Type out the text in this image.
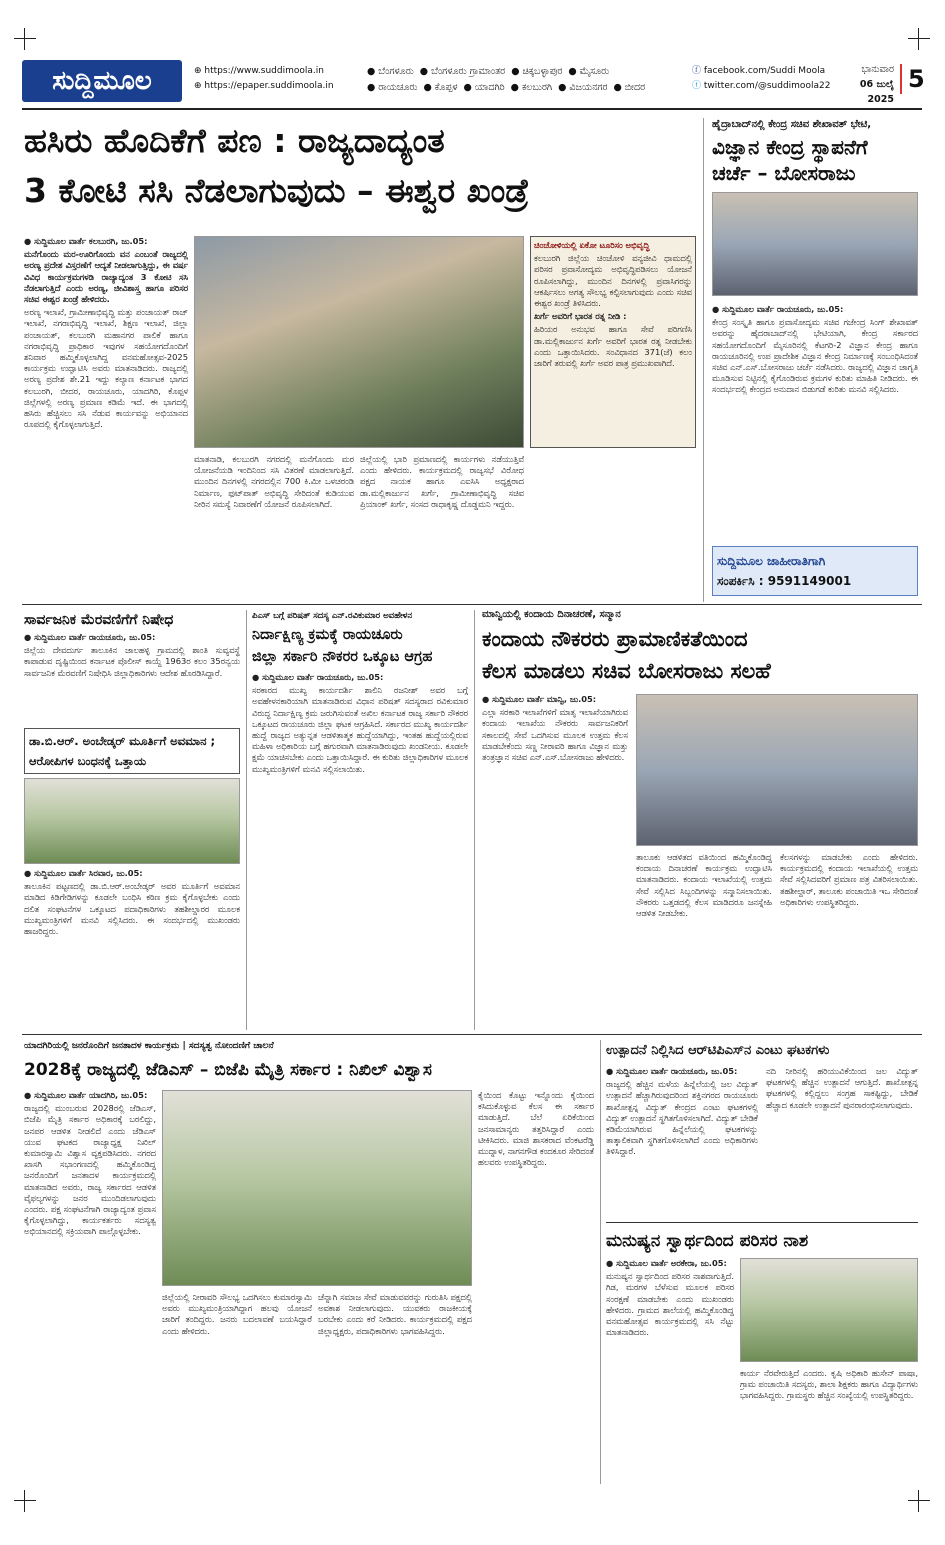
ಸುದ್ದಿಮೂಲ	⊕ https://www.suddimoola.in
⊕ https://epaper.suddimoola.in
● ಬೆಂಗಳೂರು ● ಬೆಂಗಳೂರು ಗ್ರಾಮಾಂತರ ● ಚಿಕ್ಕಬಳ್ಳಾಪುರ ● ಮೈಸೂರು
● ರಾಯಚೂರು ● ಕೊಪ್ಪಳ ● ಯಾದಗಿರಿ ● ಕಲಬುರಗಿ ● ವಿಜಯನಗರ ● ಬೀದರ
ⓕ facebook.com/Suddi Moola
ⓣ twitter.com/@suddimoola22
ಭಾನುವಾರ
06 ಜುಲೈ 2025
5
ಹಸಿರು ಹೊದಿಕೆಗೆ ಪಣ : ರಾಜ್ಯದಾದ್ಯಂತ
3 ಕೋಟಿ ಸಸಿ ನೆಡಲಾಗುವುದು – ಈಶ್ವರ ಖಂಡ್ರೆ

● ಸುದ್ದಿಮೂಲ ವಾರ್ತೆ ಕಲಬುರಗಿ, ಜು.05:

ಮನೆಗೊಂದು ಮರ-ಊರಿಗೊಂದು ವನ ಎಂಬಂತೆ ರಾಜ್ಯದಲ್ಲಿ ಅರಣ್ಯ ಪ್ರದೇಶ ವಿಸ್ತರಣೆಗೆ ಆದ್ಯತೆ ನೀಡಲಾಗುತ್ತಿದ್ದು, ಈ ವರ್ಷ ವಿವಿಧ ಕಾರ್ಯಕ್ರಮಗಳಡಿ ರಾಜ್ಯಾದ್ಯಂತ 3 ಕೋಟಿ ಸಸಿ ನೆಡಲಾಗುತ್ತಿದೆ ಎಂದು ಅರಣ್ಯ, ಜೀವಿಶಾಸ್ತ್ರ ಹಾಗೂ ಪರಿಸರ ಸಚಿವ ಈಶ್ವರ ಖಂಡ್ರೆ ಹೇಳಿದರು.

ಅರಣ್ಯ ಇಲಾಖೆ, ಗ್ರಾಮೀಣಾಭಿವೃದ್ಧಿ ಮತ್ತು ಪಂಚಾಯತ್ ರಾಜ್ ಇಲಾಖೆ, ನಗರಾಭಿವೃದ್ಧಿ ಇಲಾಖೆ, ಶಿಕ್ಷಣ ಇಲಾಖೆ, ಜಿಲ್ಲಾ ಪಂಚಾಯತ್, ಕಲಬುರಗಿ ಮಹಾನಗರ ಪಾಲಿಕೆ ಹಾಗೂ ನಗರಾಭಿವೃದ್ಧಿ ಪ್ರಾಧಿಕಾರ ಇವುಗಳ ಸಹಯೋಗದೊಂದಿಗೆ ಶನಿವಾರ ಹಮ್ಮಿಕೊಳ್ಳಲಾಗಿದ್ದ ವನಮಹೋತ್ಸವ-2025 ಕಾರ್ಯಕ್ರಮ ಉದ್ಘಾಟಿಸಿ ಅವರು ಮಾತನಾಡಿದರು. ರಾಜ್ಯದಲ್ಲಿ ಅರಣ್ಯ ಪ್ರದೇಶ ಶೇ.21 ಇದ್ದು ಕಲ್ಯಾಣ ಕರ್ನಾಟಕ ಭಾಗದ ಕಲಬುರಗಿ, ಬೀದರ, ರಾಯಚೂರು, ಯಾದಗಿರಿ, ಕೊಪ್ಪಳ ಜಿಲ್ಲೆಗಳಲ್ಲಿ ಅರಣ್ಯ ಪ್ರಮಾಣ ಕಡಿಮೆ ಇದೆ. ಈ ಭಾಗದಲ್ಲಿ ಹಸಿರು ಹೆಚ್ಚಿಸಲು ಸಸಿ ನೆಡುವ ಕಾರ್ಯವನ್ನು ಅಭಿಯಾನದ ರೂಪದಲ್ಲಿ ಕೈಗೊಳ್ಳಲಾಗುತ್ತಿದೆ.

ಚಿಂಚೋಳಿಯಲ್ಲಿ ಏಕೋ ಟೂರಿಸಂ ಅಭಿವೃದ್ಧಿ

ಕಲಬುರಗಿ ಜಿಲ್ಲೆಯ ಚಿಂಚೋಳಿ ವನ್ಯಜೀವಿ ಧಾಮದಲ್ಲಿ ಪರಿಸರ ಪ್ರವಾಸೋದ್ಯಮ ಅಭಿವೃದ್ಧಿಪಡಿಸಲು ಯೋಜನೆ ರೂಪಿಸಲಾಗಿದ್ದು, ಮುಂದಿನ ದಿನಗಳಲ್ಲಿ ಪ್ರವಾಸಿಗರನ್ನು ಆಕರ್ಷಿಸಲು ಅಗತ್ಯ ಸೌಲಭ್ಯ ಕಲ್ಪಿಸಲಾಗುವುದು ಎಂದು ಸಚಿವ ಈಶ್ವರ ಖಂಡ್ರೆ ತಿಳಿಸಿದರು.

ಖರ್ಗೆ ಅವರಿಗೆ ಭಾರತ ರತ್ನ ನೀಡಿ :

ಹಿರಿಯರ ಅನುಭವ ಹಾಗೂ ಸೇವೆ ಪರಿಗಣಿಸಿ ಡಾ.ಮಲ್ಲಿಕಾರ್ಜುನ ಖರ್ಗೆ ಅವರಿಗೆ ಭಾರತ ರತ್ನ ನೀಡಬೇಕು ಎಂದು ಒತ್ತಾಯಿಸಿದರು. ಸಂವಿಧಾನದ 371(ಜೆ) ಕಲಂ ಜಾರಿಗೆ ತರುವಲ್ಲಿ ಖರ್ಗೆ ಅವರ ಪಾತ್ರ ಪ್ರಮುಖವಾಗಿದೆ.

ಮಾತನಾಡಿ, ಕಲಬುರಗಿ ನಗರದಲ್ಲಿ ಮನೆಗೊಂದು ಮರ ಯೋಜನೆಯಡಿ ಇಂದಿನಿಂದ ಸಸಿ ವಿತರಣೆ ಮಾಡಲಾಗುತ್ತಿದೆ. ಮುಂದಿನ ದಿನಗಳಲ್ಲಿ ನಗರದಲ್ಲಿನ 700 ಕಿ.ಮೀ ಒಳಚರಂಡಿ ನಿರ್ಮಾಣ, ಫುಟ್‌ಪಾತ್ ಅಭಿವೃದ್ಧಿ ಸೇರಿದಂತೆ ಕುಡಿಯುವ ನೀರಿನ ಸಮಸ್ಯೆ ನಿವಾರಣೆಗೆ ಯೋಜನೆ ರೂಪಿಸಲಾಗಿದೆ.
ಜಿಲ್ಲೆಯಲ್ಲಿ ಭಾರಿ ಪ್ರಮಾಣದಲ್ಲಿ ಕಾರ್ಯಗಳು ನಡೆಯುತ್ತಿವೆ ಎಂದು ಹೇಳಿದರು. ಕಾರ್ಯಕ್ರಮದಲ್ಲಿ ರಾಜ್ಯಸಭೆ ವಿರೋಧ ಪಕ್ಷದ ನಾಯಕ ಹಾಗೂ ಎಐಸಿಸಿ ಅಧ್ಯಕ್ಷರಾದ ಡಾ.ಮಲ್ಲಿಕಾರ್ಜುನ ಖರ್ಗೆ, ಗ್ರಾಮೀಣಾಭಿವೃದ್ಧಿ ಸಚಿವ ಪ್ರಿಯಾಂಕ್ ಖರ್ಗೆ, ಸಂಸದ ರಾಧಾಕೃಷ್ಣ ದೊಡ್ಡಮನಿ ಇದ್ದರು.
ಹೈದ್ರಾಬಾದ್‌ನಲ್ಲಿ ಕೇಂದ್ರ ಸಚಿವ ಶೇಖಾವತ್ ಭೇಟಿ,
ವಿಜ್ಞಾನ ಕೇಂದ್ರ ಸ್ಥಾಪನೆಗೆ
ಚರ್ಚೆ – ಬೋಸರಾಜು

● ಸುದ್ದಿಮೂಲ ವಾರ್ತೆ ರಾಯಚೂರು, ಜು.05:

ಕೇಂದ್ರ ಸಂಸ್ಕೃತಿ ಹಾಗೂ ಪ್ರವಾಸೋದ್ಯಮ ಸಚಿವ ಗಜೇಂದ್ರ ಸಿಂಗ್ ಶೇಖಾವತ್ ಅವರನ್ನು ಹೈದರಾಬಾದ್‌ನಲ್ಲಿ ಭೇಟಿಯಾಗಿ, ಕೇಂದ್ರ ಸರ್ಕಾರದ ಸಹಯೋಗದೊಂದಿಗೆ ಮೈಸೂರಿನಲ್ಲಿ ಕೆಟಗರಿ-2 ವಿಜ್ಞಾನ ಕೇಂದ್ರ ಹಾಗೂ ರಾಯಚೂರಿನಲ್ಲಿ ಉಪ ಪ್ರಾದೇಶಿಕ ವಿಜ್ಞಾನ ಕೇಂದ್ರ ನಿರ್ಮಾಣಕ್ಕೆ ಸಂಬಂಧಿಸಿದಂತೆ ಸಚಿವ ಎನ್.ಎಸ್.ಬೋಸರಾಜು ಚರ್ಚೆ ನಡೆಸಿದರು. ರಾಜ್ಯದಲ್ಲಿ ವಿಜ್ಞಾನ ಜಾಗೃತಿ ಮೂಡಿಸುವ ನಿಟ್ಟಿನಲ್ಲಿ ಕೈಗೊಂಡಿರುವ ಕ್ರಮಗಳ ಕುರಿತು ಮಾಹಿತಿ ನೀಡಿದರು. ಈ ಸಂದರ್ಭದಲ್ಲಿ ಕೇಂದ್ರದ ಅನುದಾನ ಬಿಡುಗಡೆ ಕುರಿತು ಮನವಿ ಸಲ್ಲಿಸಿದರು.

ಸುದ್ದಿಮೂಲ ಜಾಹೀರಾತಿಗಾಗಿ
ಸಂಪರ್ಕಿಸಿ : 9591149001
ಸಾರ್ವಜನಿಕ ಮೆರವಣಿಗೆಗೆ ನಿಷೇಧ

● ಸುದ್ದಿಮೂಲ ವಾರ್ತೆ ರಾಯಚೂರು, ಜು.05:

ಜಿಲ್ಲೆಯ ದೇವದುರ್ಗ ತಾಲೂಕಿನ ಜಾಲಹಳ್ಳಿ ಗ್ರಾಮದಲ್ಲಿ ಶಾಂತಿ ಸುವ್ಯವಸ್ಥೆ ಕಾಪಾಡುವ ದೃಷ್ಟಿಯಿಂದ ಕರ್ನಾಟಕ ಪೊಲೀಸ್ ಕಾಯ್ದೆ 1963ರ ಕಲಂ 35ರನ್ವಯ ಸಾರ್ವಜನಿಕ ಮೆರವಣಿಗೆ ನಿಷೇಧಿಸಿ ಜಿಲ್ಲಾಧಿಕಾರಿಗಳು ಆದೇಶ ಹೊರಡಿಸಿದ್ದಾರೆ.

ಡಾ.ಬಿ.ಆರ್. ಅಂಬೇಡ್ಕರ್ ಮೂರ್ತಿಗೆ ಅವಮಾನ ;
ಆರೋಪಿಗಳ ಬಂಧನಕ್ಕೆ ಒತ್ತಾಯ

● ಸುದ್ದಿಮೂಲ ವಾರ್ತೆ ಸಿರವಾರ, ಜು.05:

ತಾಲೂಕಿನ ಪಟ್ಟಣದಲ್ಲಿ ಡಾ.ಬಿ.ಆರ್.ಅಂಬೇಡ್ಕರ್ ಅವರ ಮೂರ್ತಿಗೆ ಅವಮಾನ ಮಾಡಿದ ಕಿಡಿಗೇಡಿಗಳನ್ನು ಕೂಡಲೇ ಬಂಧಿಸಿ ಕಠಿಣ ಕ್ರಮ ಕೈಗೊಳ್ಳಬೇಕು ಎಂದು ದಲಿತ ಸಂಘಟನೆಗಳ ಒಕ್ಕೂಟದ ಪದಾಧಿಕಾರಿಗಳು ತಹಶೀಲ್ದಾರರ ಮೂಲಕ ಮುಖ್ಯಮಂತ್ರಿಗಳಿಗೆ ಮನವಿ ಸಲ್ಲಿಸಿದರು. ಈ ಸಂದರ್ಭದಲ್ಲಿ ಮುಖಂಡರು ಹಾಜರಿದ್ದರು.

ಪಿಎಸ್ ಬಗ್ಗೆ ಪರಿಷತ್ ಸದಸ್ಯ ಎನ್.ರವಿಕುಮಾರ ಅವಹೇಳನ
ನಿರ್ದಾಕ್ಷಿಣ್ಯ ಕ್ರಮಕ್ಕೆ ರಾಯಚೂರು
ಜಿಲ್ಲಾ ಸರ್ಕಾರಿ ನೌಕರರ ಒಕ್ಕೂಟ ಆಗ್ರಹ

● ಸುದ್ದಿಮೂಲ ವಾರ್ತೆ ರಾಯಚೂರು, ಜು.05:

ಸರಕಾರದ ಮುಖ್ಯ ಕಾರ್ಯದರ್ಶಿ ಶಾಲಿನಿ ರಜನೀಶ್ ಅವರ ಬಗ್ಗೆ ಅವಹೇಳನಕಾರಿಯಾಗಿ ಮಾತನಾಡಿರುವ ವಿಧಾನ ಪರಿಷತ್ ಸದಸ್ಯರಾದ ರವಿಕುಮಾರ ವಿರುದ್ಧ ನಿರ್ದಾಕ್ಷಿಣ್ಯ ಕ್ರಮ ಜರುಗಿಸುವಂತೆ ಅಖಿಲ ಕರ್ನಾಟಕ ರಾಜ್ಯ ಸರ್ಕಾರಿ ನೌಕರರ ಒಕ್ಕೂಟದ ರಾಯಚೂರು ಜಿಲ್ಲಾ ಘಟಕ ಆಗ್ರಹಿಸಿದೆ. ಸರ್ಕಾರದ ಮುಖ್ಯ ಕಾರ್ಯದರ್ಶಿ ಹುದ್ದೆ ರಾಜ್ಯದ ಅತ್ಯುನ್ನತ ಆಡಳಿತಾತ್ಮಕ ಹುದ್ದೆಯಾಗಿದ್ದು, ಇಂತಹ ಹುದ್ದೆಯಲ್ಲಿರುವ ಮಹಿಳಾ ಅಧಿಕಾರಿಯ ಬಗ್ಗೆ ಹಗುರವಾಗಿ ಮಾತನಾಡಿರುವುದು ಖಂಡನೀಯ. ಕೂಡಲೇ ಕ್ಷಮೆ ಯಾಚಿಸಬೇಕು ಎಂದು ಒತ್ತಾಯಿಸಿದ್ದಾರೆ. ಈ ಕುರಿತು ಜಿಲ್ಲಾಧಿಕಾರಿಗಳ ಮೂಲಕ ಮುಖ್ಯಮಂತ್ರಿಗಳಿಗೆ ಮನವಿ ಸಲ್ಲಿಸಲಾಯಿತು.

ಮಾನ್ವಿಯಲ್ಲಿ ಕಂದಾಯ ದಿನಾಚರಣೆ, ಸನ್ಮಾನ
ಕಂದಾಯ ನೌಕರರು ಪ್ರಾಮಾಣಿಕತೆಯಿಂದ
ಕೆಲಸ ಮಾಡಲು ಸಚಿವ ಬೋಸರಾಜು ಸಲಹೆ

● ಸುದ್ದಿಮೂಲ ವಾರ್ತೆ ಮಾನ್ವಿ, ಜು.05:

ಎಲ್ಲಾ ಸರಕಾರಿ ಇಲಾಖೆಗಳಿಗೆ ಮಾತೃ ಇಲಾಖೆಯಾಗಿರುವ ಕಂದಾಯ ಇಲಾಖೆಯ ನೌಕರರು ಸಾರ್ವಜನಿಕರಿಗೆ ಸಕಾಲದಲ್ಲಿ ಸೇವೆ ಒದಗಿಸುವ ಮೂಲಕ ಉತ್ತಮ ಕೆಲಸ ಮಾಡಬೇಕೆಂದು ಸಣ್ಣ ನೀರಾವರಿ ಹಾಗೂ ವಿಜ್ಞಾನ ಮತ್ತು ತಂತ್ರಜ್ಞಾನ ಸಚಿವ ಎನ್.ಎಸ್.ಬೋಸರಾಜು ಹೇಳಿದರು.

ತಾಲೂಕು ಆಡಳಿತದ ವತಿಯಿಂದ ಹಮ್ಮಿಕೊಂಡಿದ್ದ ಕಂದಾಯ ದಿನಾಚರಣೆ ಕಾರ್ಯಕ್ರಮ ಉದ್ಘಾಟಿಸಿ ಮಾತನಾಡಿದರು. ಕಂದಾಯ ಇಲಾಖೆಯಲ್ಲಿ ಉತ್ತಮ ಸೇವೆ ಸಲ್ಲಿಸಿದ ಸಿಬ್ಬಂದಿಗಳನ್ನು ಸನ್ಮಾನಿಸಲಾಯಿತು. ನೌಕರರು ಒತ್ತಡದಲ್ಲಿ ಕೆಲಸ ಮಾಡಿದರೂ ಜನಸ್ನೇಹಿ ಆಡಳಿತ ನೀಡಬೇಕು.
ಕೆಲಸಗಳನ್ನು ಮಾಡಬೇಕು ಎಂದು ಹೇಳಿದರು. ಕಾರ್ಯಕ್ರಮದಲ್ಲಿ ಕಂದಾಯ ಇಲಾಖೆಯಲ್ಲಿ ಉತ್ತಮ ಸೇವೆ ಸಲ್ಲಿಸಿದವರಿಗೆ ಪ್ರಮಾಣ ಪತ್ರ ವಿತರಿಸಲಾಯಿತು. ತಹಶೀಲ್ದಾರ್, ತಾಲೂಕು ಪಂಚಾಯಿತಿ ಇಒ ಸೇರಿದಂತೆ ಅಧಿಕಾರಿಗಳು ಉಪಸ್ಥಿತರಿದ್ದರು.
ಯಾದಗಿರಿಯಲ್ಲಿ ಜನರೊಂದಿಗೆ ಜನತಾದಳ ಕಾರ್ಯಕ್ರಮ | ಸದಸ್ಯತ್ವ ನೋಂದಣಿಗೆ ಚಾಲನೆ
2028ಕ್ಕೆ ರಾಜ್ಯದಲ್ಲಿ ಜೆಡಿಎಸ್ – ಬಿಜೆಪಿ ಮೈತ್ರಿ ಸರ್ಕಾರ : ನಿಖಿಲ್ ವಿಶ್ವಾಸ

● ಸುದ್ದಿಮೂಲ ವಾರ್ತೆ ಯಾದಗಿರಿ, ಜು.05:

ರಾಜ್ಯದಲ್ಲಿ ಮುಂಬರುವ 2028ರಲ್ಲಿ ಜೆಡಿಎಸ್, ಬಿಜೆಪಿ ಮೈತ್ರಿ ಸರ್ಕಾರ ಅಧಿಕಾರಕ್ಕೆ ಬರಲಿದ್ದು, ಜನಪರ ಆಡಳಿತ ನೀಡಲಿದೆ ಎಂದು ಜೆಡಿಎಸ್ ಯುವ ಘಟಕದ ರಾಜ್ಯಾಧ್ಯಕ್ಷ ನಿಖಿಲ್ ಕುಮಾರಸ್ವಾಮಿ ವಿಶ್ವಾಸ ವ್ಯಕ್ತಪಡಿಸಿದರು. ನಗರದ ಖಾಸಗಿ ಸಭಾಂಗಣದಲ್ಲಿ ಹಮ್ಮಿಕೊಂಡಿದ್ದ ಜನರೊಂದಿಗೆ ಜನತಾದಳ ಕಾರ್ಯಕ್ರಮದಲ್ಲಿ ಮಾತನಾಡಿದ ಅವರು, ರಾಜ್ಯ ಸರ್ಕಾರದ ಆಡಳಿತ ವೈಫಲ್ಯಗಳನ್ನು ಜನರ ಮುಂದಿಡಲಾಗುವುದು ಎಂದರು. ಪಕ್ಷ ಸಂಘಟನೆಗಾಗಿ ರಾಜ್ಯಾದ್ಯಂತ ಪ್ರವಾಸ ಕೈಗೊಳ್ಳಲಾಗಿದ್ದು, ಕಾರ್ಯಕರ್ತರು ಸದಸ್ಯತ್ವ ಅಭಿಯಾನದಲ್ಲಿ ಸಕ್ರಿಯವಾಗಿ ಪಾಲ್ಗೊಳ್ಳಬೇಕು.

ಕೈಯಿಂದ ಕೊಟ್ಟು ಇನ್ನೊಂದು ಕೈಯಿಂದ ಕಸಿದುಕೊಳ್ಳುವ ಕೆಲಸ ಈ ಸರ್ಕಾರ ಮಾಡುತ್ತಿದೆ. ಬೆಲೆ ಏರಿಕೆಯಿಂದ ಜನಸಾಮಾನ್ಯರು ತತ್ತರಿಸಿದ್ದಾರೆ ಎಂದು ಟೀಕಿಸಿದರು. ಮಾಜಿ ಶಾಸಕರಾದ ವೆಂಕಟರೆಡ್ಡಿ ಮುದ್ನಾಳ, ನಾಗನಗೌಡ ಕಂದಕೂರ ಸೇರಿದಂತೆ ಹಲವರು ಉಪಸ್ಥಿತರಿದ್ದರು.
ಜಿಲ್ಲೆಯಲ್ಲಿ ನೀರಾವರಿ ಸೌಲಭ್ಯ ಒದಗಿಸಲು ಕುಮಾರಸ್ವಾಮಿ ಅವರು ಮುಖ್ಯಮಂತ್ರಿಯಾಗಿದ್ದಾಗ ಹಲವು ಯೋಜನೆ ಜಾರಿಗೆ ತಂದಿದ್ದರು. ಜನರು ಬದಲಾವಣೆ ಬಯಸಿದ್ದಾರೆ ಎಂದು ಹೇಳಿದರು.
ಚೆನ್ನಾಗಿ ಸಮಾಜ ಸೇವೆ ಮಾಡುವವರನ್ನು ಗುರುತಿಸಿ ಪಕ್ಷದಲ್ಲಿ ಅವಕಾಶ ನೀಡಲಾಗುವುದು. ಯುವಕರು ರಾಜಕೀಯಕ್ಕೆ ಬರಬೇಕು ಎಂದು ಕರೆ ನೀಡಿದರು. ಕಾರ್ಯಕ್ರಮದಲ್ಲಿ ಪಕ್ಷದ ಜಿಲ್ಲಾಧ್ಯಕ್ಷರು, ಪದಾಧಿಕಾರಿಗಳು ಭಾಗವಹಿಸಿದ್ದರು.
ಉತ್ಪಾದನೆ ನಿಲ್ಲಿಸಿದ ಆರ್‌ಟಿಪಿಎಸ್‌ನ ಎಂಟು ಘಟಕಗಳು

● ಸುದ್ದಿಮೂಲ ವಾರ್ತೆ ರಾಯಚೂರು, ಜು.05:

ರಾಜ್ಯದಲ್ಲಿ ಹೆಚ್ಚಿನ ಮಳೆಯ ಹಿನ್ನೆಲೆಯಲ್ಲಿ ಜಲ ವಿದ್ಯುತ್ ಉತ್ಪಾದನೆ ಹೆಚ್ಚಾಗಿರುವುದರಿಂದ ಶಕ್ತಿನಗರದ ರಾಯಚೂರು ಶಾಖೋತ್ಪನ್ನ ವಿದ್ಯುತ್ ಕೇಂದ್ರದ ಎಂಟು ಘಟಕಗಳಲ್ಲಿ ವಿದ್ಯುತ್ ಉತ್ಪಾದನೆ ಸ್ಥಗಿತಗೊಳಿಸಲಾಗಿದೆ. ವಿದ್ಯುತ್ ಬೇಡಿಕೆ ಕಡಿಮೆಯಾಗಿರುವ ಹಿನ್ನೆಲೆಯಲ್ಲಿ ಘಟಕಗಳನ್ನು ತಾತ್ಕಾಲಿಕವಾಗಿ ಸ್ಥಗಿತಗೊಳಿಸಲಾಗಿದೆ ಎಂದು ಅಧಿಕಾರಿಗಳು ತಿಳಿಸಿದ್ದಾರೆ.

ನದಿ ನೀರಿನಲ್ಲಿ ಹರಿಯುವಿಕೆಯಿಂದ ಜಲ ವಿದ್ಯುತ್ ಘಟಕಗಳಲ್ಲಿ ಹೆಚ್ಚಿನ ಉತ್ಪಾದನೆ ಆಗುತ್ತಿದೆ. ಶಾಖೋತ್ಪನ್ನ ಘಟಕಗಳಲ್ಲಿ ಕಲ್ಲಿದ್ದಲು ಸಂಗ್ರಹ ಸಾಕಷ್ಟಿದ್ದು, ಬೇಡಿಕೆ ಹೆಚ್ಚಾದ ಕೂಡಲೇ ಉತ್ಪಾದನೆ ಪುನರಾರಂಭಿಸಲಾಗುವುದು.
ಮನುಷ್ಯನ ಸ್ವಾರ್ಥದಿಂದ ಪರಿಸರ ನಾಶ

● ಸುದ್ದಿಮೂಲ ವಾರ್ತೆ ಅರಕೇರಾ, ಜು.05:

ಮನುಷ್ಯನ ಸ್ವಾರ್ಥದಿಂದ ಪರಿಸರ ನಾಶವಾಗುತ್ತಿದೆ. ಗಿಡ, ಮರಗಳ ಬೆಳೆಸುವ ಮೂಲಕ ಪರಿಸರ ಸಂರಕ್ಷಣೆ ಮಾಡಬೇಕು ಎಂದು ಮುಖಂಡರು ಹೇಳಿದರು. ಗ್ರಾಮದ ಶಾಲೆಯಲ್ಲಿ ಹಮ್ಮಿಕೊಂಡಿದ್ದ ವನಮಹೋತ್ಸವ ಕಾರ್ಯಕ್ರಮದಲ್ಲಿ ಸಸಿ ನೆಟ್ಟು ಮಾತನಾಡಿದರು.

ಕಾರ್ಯ ನೆರವೇರುತ್ತಿದೆ ಎಂದರು. ಕೃಷಿ ಅಧಿಕಾರಿ ಹುಸೇನ್ ಪಾಷಾ, ಗ್ರಾಮ ಪಂಚಾಯಿತಿ ಸದಸ್ಯರು, ಶಾಲಾ ಶಿಕ್ಷಕರು ಹಾಗೂ ವಿದ್ಯಾರ್ಥಿಗಳು ಭಾಗವಹಿಸಿದ್ದರು. ಗ್ರಾಮಸ್ಥರು ಹೆಚ್ಚಿನ ಸಂಖ್ಯೆಯಲ್ಲಿ ಉಪಸ್ಥಿತರಿದ್ದರು.
